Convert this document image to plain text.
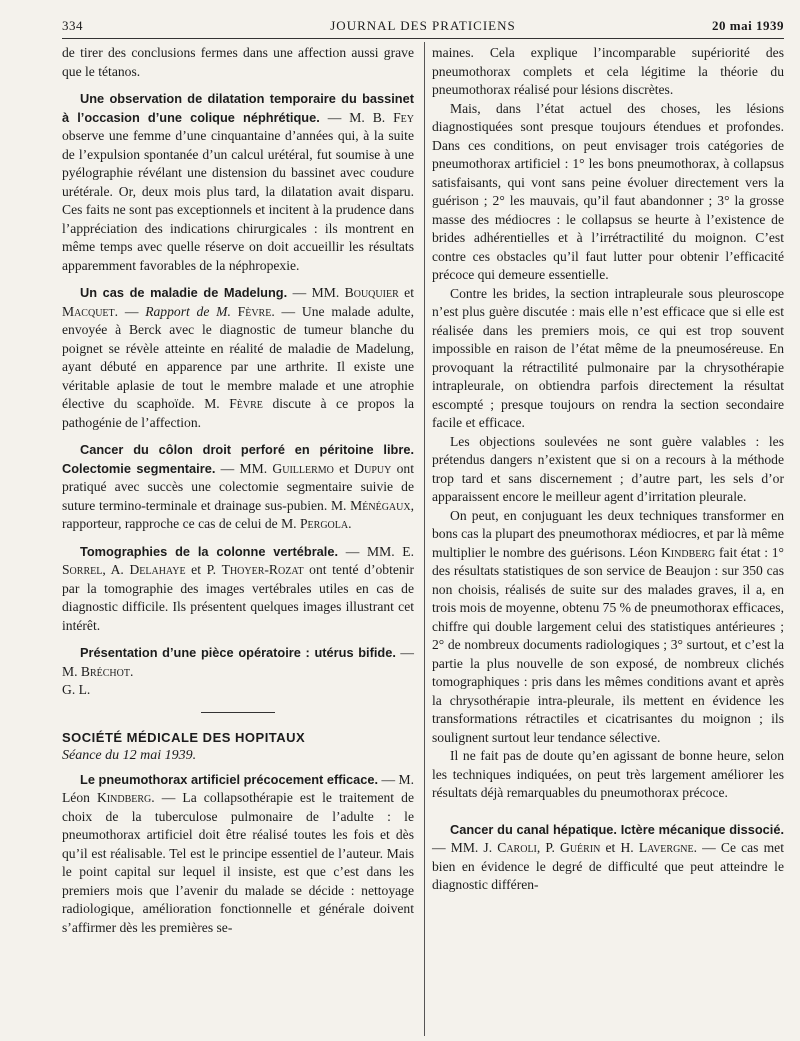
334	JOURNAL DES PRATICIENS	20 mai 1939

de tirer des conclusions fermes dans une affection aussi grave que le tétanos.

Une observation de dilatation temporaire du bassinet à l’occasion d’une colique néphrétique. — M. B. Fey observe une femme d’une cinquantaine d’années qui, à la suite de l’expulsion spontanée d’un calcul urétéral, fut soumise à une pyélographie révélant une distension du bassinet avec coudure urétérale. Or, deux mois plus tard, la dilatation avait disparu. Ces faits ne sont pas exceptionnels et incitent à la prudence dans l’appréciation des indications chirurgicales : ils montrent en même temps avec quelle réserve on doit accueillir les résultats apparemment favorables de la néphropexie.

Un cas de maladie de Madelung. — MM. Bouquier et Macquet. — Rapport de M. Fèvre. — Une malade adulte, envoyée à Berck avec le diagnostic de tumeur blanche du poignet se révèle atteinte en réalité de maladie de Madelung, ayant débuté en apparence par une arthrite. Il existe une véritable aplasie de tout le membre malade et une atrophie élective du scaphoïde. M. Fèvre discute à ce propos la pathogénie de l’affection.

Cancer du côlon droit perforé en péritoine libre. Colectomie segmentaire. — MM. Guillermo et Dupuy ont pratiqué avec succès une colectomie segmentaire suivie de suture termino-terminale et drainage sus-pubien. M. Ménégaux, rapporteur, rapproche ce cas de celui de M. Pergola.

Tomographies de la colonne vertébrale. — MM. E. Sorrel, A. Delahaye et P. Thoyer-Rozat ont tenté d’obtenir par la tomographie des images vertébrales utiles en cas de diagnostic difficile. Ils présentent quelques images illustrant cet intérêt.

Présentation d’une pièce opératoire : utérus bifide. — M. Bréchot.

G. L.

SOCIÉTÉ MÉDICALE DES HOPITAUX

Séance du 12 mai 1939.

Le pneumothorax artificiel précocement efficace. — M. Léon Kindberg. — La collapsothérapie est le traitement de choix de la tuberculose pulmonaire de l’adulte : le pneumothorax artificiel doit être réalisé toutes les fois et dès qu’il est réalisable. Tel est le principe essentiel de l’auteur. Mais le point capital sur lequel il insiste, est que c’est dans les premiers mois que l’avenir du malade se décide : nettoyage radiologique, amélioration fonctionnelle et générale doivent s’affirmer dès les premières se-

maines. Cela explique l’incomparable supériorité des pneumothorax complets et cela légitime la théorie du pneumothorax réalisé pour lésions discrètes.

Mais, dans l’état actuel des choses, les lésions diagnostiquées sont presque toujours étendues et profondes. Dans ces conditions, on peut envisager trois catégories de pneumothorax artificiel : 1° les bons pneumothorax, à collapsus satisfaisants, qui vont sans peine évoluer directement vers la guérison ; 2° les mauvais, qu’il faut abandonner ; 3° la grosse masse des médiocres : le collapsus se heurte à l’existence de brides adhérentielles et à l’irrétractilité du moignon. C’est contre ces obstacles qu’il faut lutter pour obtenir l’efficacité précoce qui demeure essentielle.

Contre les brides, la section intrapleurale sous pleuroscope n’est plus guère discutée : mais elle n’est efficace que si elle est réalisée dans les premiers mois, ce qui est trop souvent impossible en raison de l’état même de la pneumoséreuse. En provoquant la rétractilité pulmonaire par la chrysothérapie intrapleurale, on obtiendra parfois directement la résultat escompté ; presque toujours on rendra la section secondaire facile et efficace.

Les objections soulevées ne sont guère valables : les prétendus dangers n’existent que si on a recours à la méthode trop tard et sans discernement ; d’autre part, les sels d’or apparaissent encore le meilleur agent d’irritation pleurale.

On peut, en conjuguant les deux techniques transformer en bons cas la plupart des pneumothorax médiocres, et par là même multiplier le nombre des guérisons. Léon Kindberg fait état : 1° des résultats statistiques de son service de Beaujon : sur 350 cas non choisis, réalisés de suite sur des malades graves, il a, en trois mois de moyenne, obtenu 75 % de pneumothorax efficaces, chiffre qui double largement celui des statistiques antérieures ; 2° de nombreux documents radiologiques ; 3° surtout, et c’est la partie la plus nouvelle de son exposé, de nombreux clichés tomographiques : pris dans les mêmes conditions avant et après la chrysothérapie intra-pleurale, ils mettent en évidence les transformations rétractiles et cicatrisantes du moignon ; ils soulignent surtout leur tendance sélective.

Il ne fait pas de doute qu’en agissant de bonne heure, selon les techniques indiquées, on peut très largement améliorer les résultats déjà remarquables du pneumothorax précoce.

Cancer du canal hépatique. Ictère mécanique dissocié. — MM. J. Caroli, P. Guérin et H. Lavergne. — Ce cas met bien en évidence le degré de difficulté que peut atteindre le diagnostic différen-
